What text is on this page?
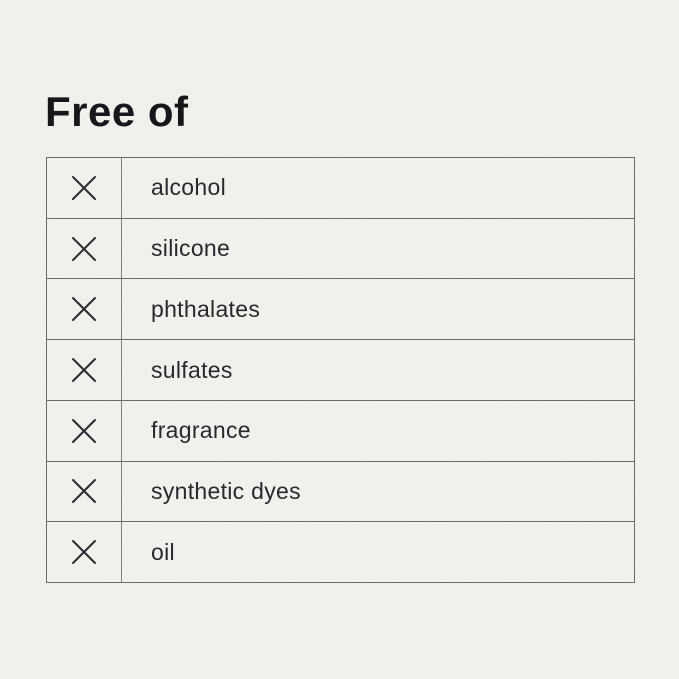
Free of
alcohol
silicone
phthalates
sulfates
fragrance
synthetic dyes
oil
